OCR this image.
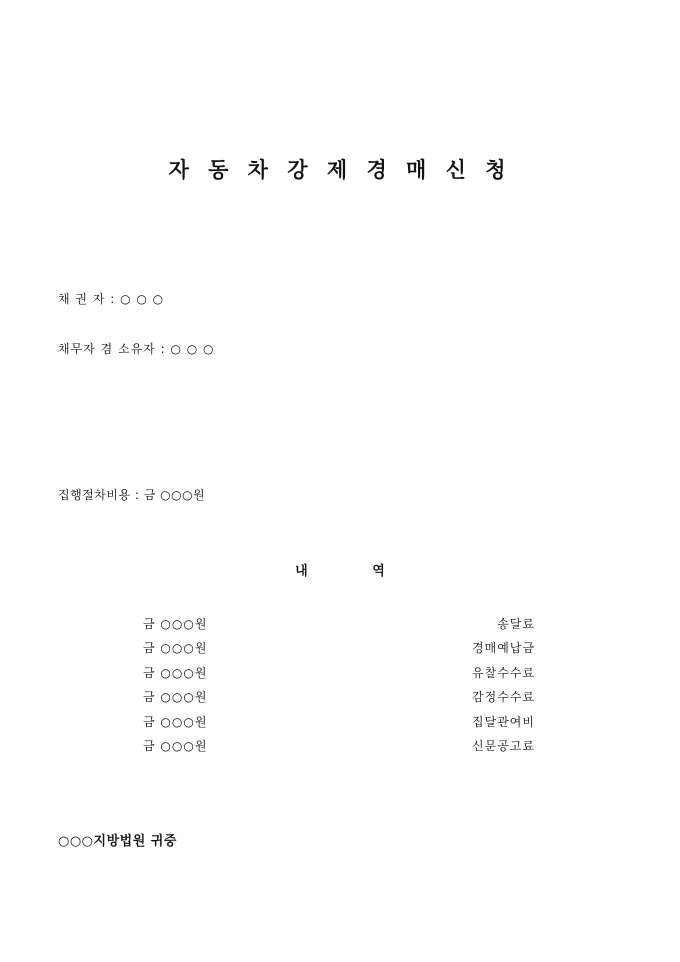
자 동 차 강 제 경 매 신 청
채 권 자 : ○ ○ ○
채무자 겸 소유자 : ○ ○ ○
집행절차비용 : 금 ○○○원
내 역
금 ○○○원	송달료
금 ○○○원	경매예납금
금 ○○○원	유찰수수료
금 ○○○원	감정수수료
금 ○○○원	집달관여비
금 ○○○원	신문공고료
○○○지방법원 귀중
